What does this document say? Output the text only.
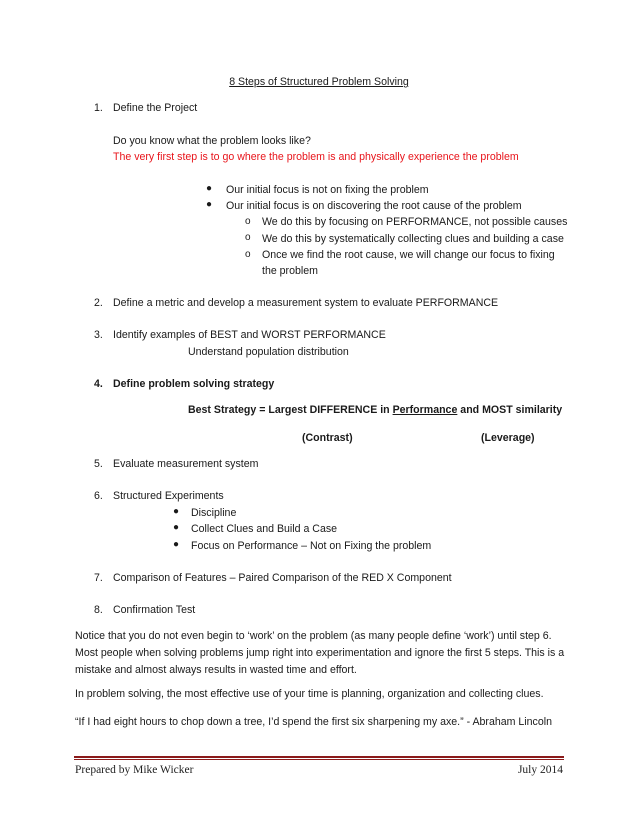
8 Steps of Structured Problem Solving
1. Define the Project
Do you know what the problem looks like?
The very first step is to go where the problem is and physically experience the problem
● Our initial focus is not on fixing the problem
● Our initial focus is on discovering the root cause of the problem
o We do this by focusing on PERFORMANCE, not possible causes
o We do this by systematically collecting clues and building a case
o Once we find the root cause, we will change our focus to fixing
the problem
2. Define a metric and develop a measurement system to evaluate PERFORMANCE
3. Identify examples of BEST and WORST PERFORMANCE
Understand population distribution
4. Define problem solving strategy
Best Strategy = Largest DIFFERENCE in Performance and MOST similarity
(Contrast)	(Leverage)
5. Evaluate measurement system
6. Structured Experiments
● Discipline
● Collect Clues and Build a Case
● Focus on Performance – Not on Fixing the problem
7. Comparison of Features – Paired Comparison of the RED X Component
8. Confirmation Test
Notice that you do not even begin to ‘work’ on the problem (as many people define ‘work’) until step 6. Most people when solving problems jump right into experimentation and ignore the first 5 steps. This is a mistake and almost always results in wasted time and effort.
In problem solving, the most effective use of your time is planning, organization and collecting clues.
“If I had eight hours to chop down a tree, I’d spend the first six sharpening my axe.” - Abraham Lincoln
Prepared by Mike Wicker	July 2014
